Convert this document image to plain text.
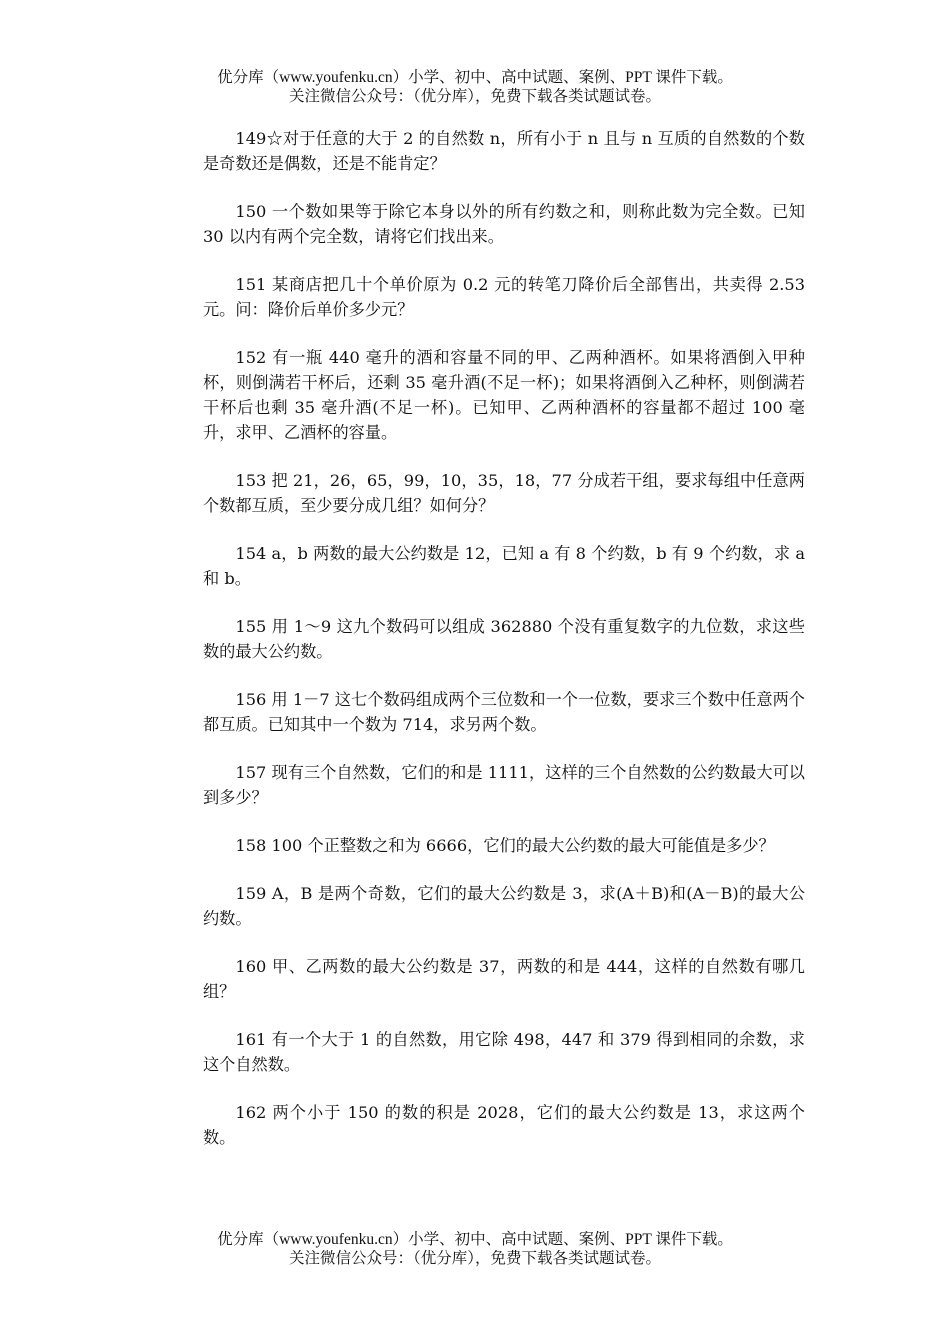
优分库（www.youfenku.cn）小学、初中、高中试题、案例、PPT 课件下载。
关注微信公众号：（优分库），免费下载各类试题试卷。

149☆对于任意的大于 2 的自然数 n，所有小于 n 且与 n 互质的自然数的个数是奇数还是偶数，还是不能肯定？

150 一个数如果等于除它本身以外的所有约数之和，则称此数为完全数。已知 30 以内有两个完全数，请将它们找出来。

151 某商店把几十个单价原为 0.2 元的转笔刀降价后全部售出，共卖得 2.53 元。问：降价后单价多少元？

152 有一瓶 440 毫升的酒和容量不同的甲、乙两种酒杯。如果将酒倒入甲种杯，则倒满若干杯后，还剩 35 毫升酒(不足一杯)；如果将酒倒入乙种杯，则倒满若干杯后也剩 35 毫升酒(不足一杯)。已知甲、乙两种酒杯的容量都不超过 100 毫升，求甲、乙酒杯的容量。

153 把 21，26，65，99，10，35，18，77 分成若干组，要求每组中任意两个数都互质，至少要分成几组？如何分？

154 a，b 两数的最大公约数是 12，已知 a 有 8 个约数，b 有 9 个约数，求 a 和 b。

155 用 1～9 这九个数码可以组成 362880 个没有重复数字的九位数，求这些数的最大公约数。

156 用 1－7 这七个数码组成两个三位数和一个一位数，要求三个数中任意两个都互质。已知其中一个数为 714，求另两个数。

157 现有三个自然数，它们的和是 1111，这样的三个自然数的公约数最大可以到多少？

158 100 个正整数之和为 6666，它们的最大公约数的最大可能值是多少？

159 A，B 是两个奇数，它们的最大公约数是 3，求(A＋B)和(A－B)的最大公约数。

160 甲、乙两数的最大公约数是 37，两数的和是 444，这样的自然数有哪几组？

161 有一个大于 1 的自然数，用它除 498，447 和 379 得到相同的余数，求这个自然数。

162 两个小于 150 的数的积是 2028，它们的最大公约数是 13，求这两个数。

优分库（www.youfenku.cn）小学、初中、高中试题、案例、PPT 课件下载。
关注微信公众号：（优分库），免费下载各类试题试卷。
